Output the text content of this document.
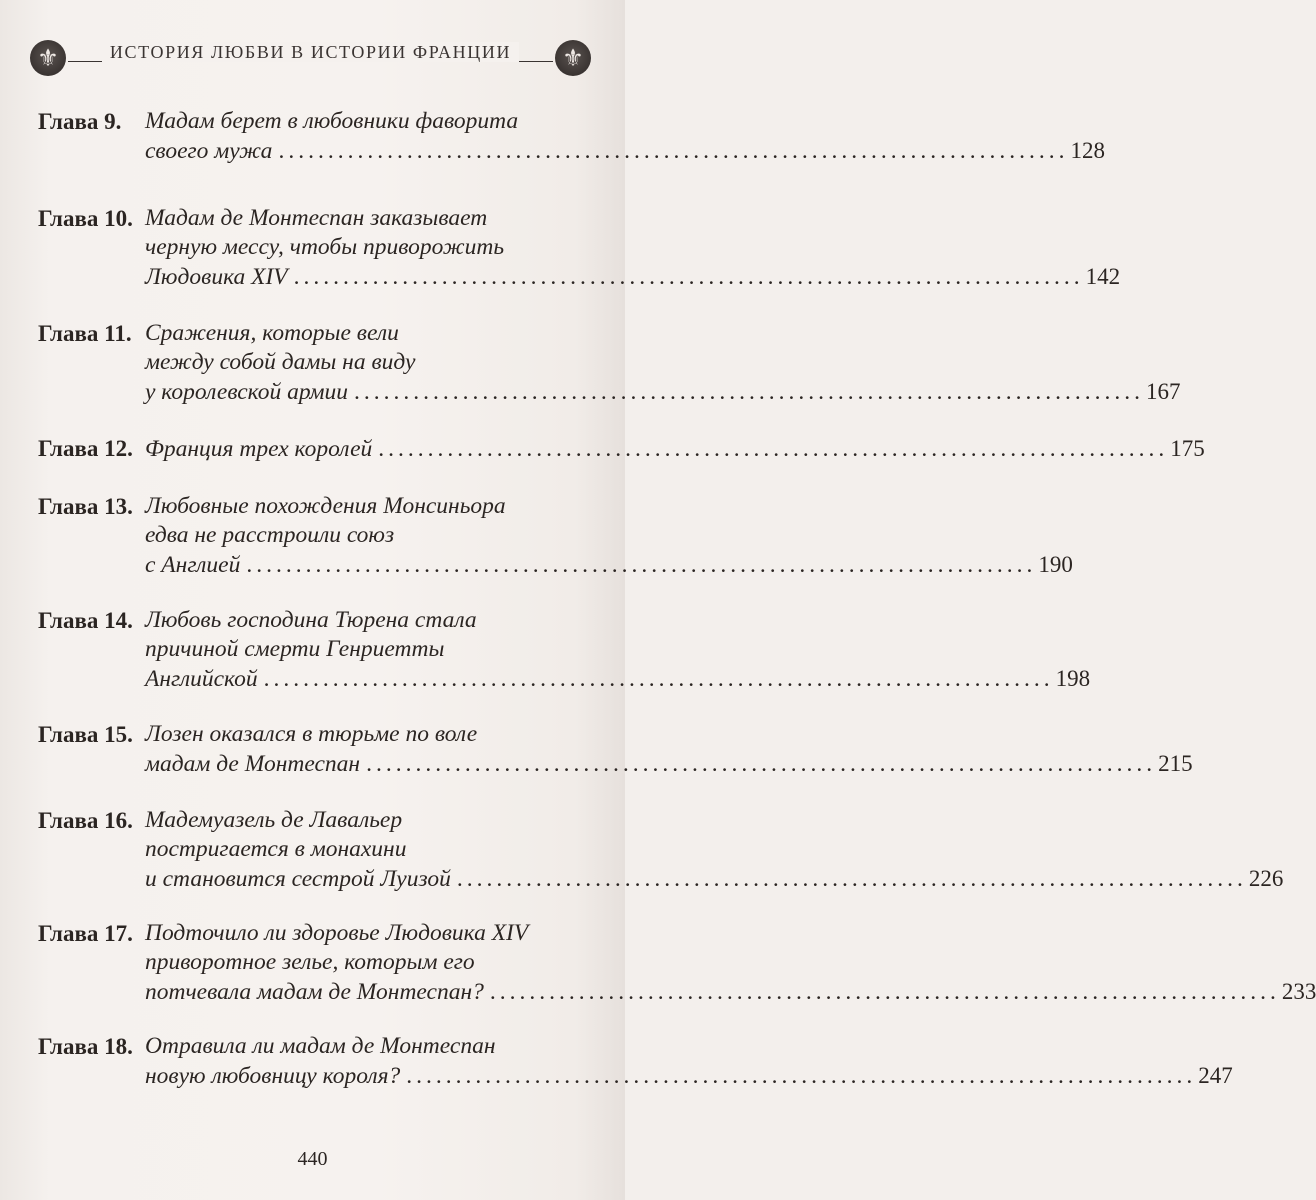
⚜	ИСТОРИЯ ЛЮБВИ В ИСТОРИИ ФРАНЦИИ	⚜
Глава 9. Мадам берет в любовники фаворита
своего мужа ................................................................................ 128
Глава 10. Мадам де Монтеспан заказывает
черную мессу, чтобы приворожить
Людовика XIV ................................................................................ 142
Глава 11. Сражения, которые вели
между собой дамы на виду
у королевской армии ................................................................................ 167
Глава 12. Франция трех королей ................................................................................ 175
Глава 13. Любовные похождения Монсиньора
едва не расстроили союз
с Англией ................................................................................ 190
Глава 14. Любовь господина Тюрена стала
причиной смерти Генриетты
Английской ................................................................................ 198
Глава 15. Лозен оказался в тюрьме по воле
мадам де Монтеспан ................................................................................ 215
Глава 16. Мадемуазель де Лавальер
постригается в монахини
и становится сестрой Луизой ................................................................................ 226
Глава 17. Подточило ли здоровье Людовика XIV
приворотное зелье, которым его
потчевала мадам де Монтеспан? ................................................................................ 233
Глава 18. Отравила ли мадам де Монтеспан
новую любовницу короля? ................................................................................ 247
440
